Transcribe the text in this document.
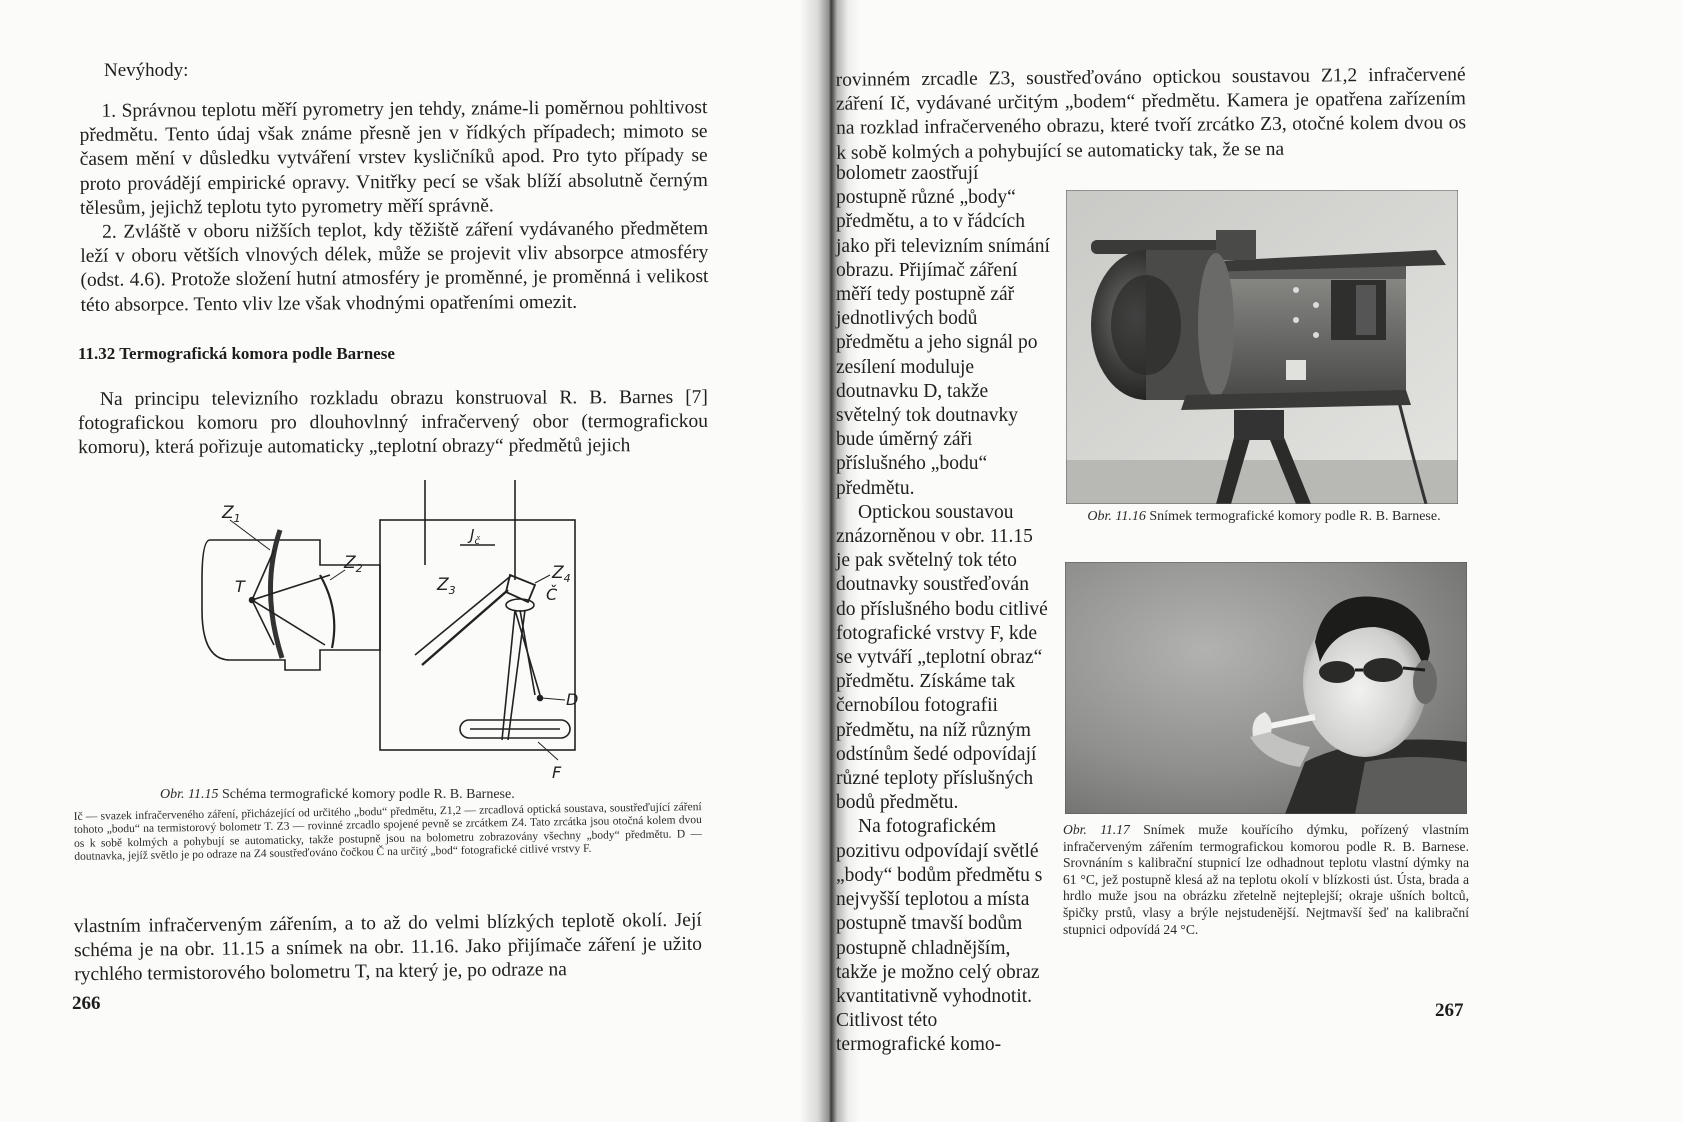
Nevýhody:

1. Správnou teplotu měří pyrometry jen tehdy, známe-li poměrnou pohltivost předmětu. Tento údaj však známe přesně jen v řídkých případech; mimoto se časem mění v důsledku vytváření vrstev kysličníků apod. Pro tyto případy se proto provádějí empirické opravy. Vnitřky pecí se však blíží absolutně černým tělesům, jejichž teplotu tyto pyrometry měří správně.

2. Zvláště v oboru nižších teplot, kdy těžiště záření vydávaného předmětem leží v oboru větších vlnových délek, může se projevit vliv absorpce atmosféry (odst. 4.6). Protože složení hutní atmosféry je proměnné, je proměnná i velikost této absorpce. Tento vliv lze však vhodnými opatřeními omezit.

11.32 Termografická komora podle Barnese

Na principu televizního rozkladu obrazu konstruoval R. B. Barnes [7] fotografickou komoru pro dlouhovlnný infračervený obor (termografickou komoru), která pořizuje automaticky „teplotní obrazy“ předmětů jejich

$Z_1$
$Z_2$
$Z_3$
$Z_4$
T	Č
D
F
$J_č$
Obr. 11.15 Schéma termografické komory podle R. B. Barnese.
Ič — svazek infračerveného záření, přicházející od určitého „bodu“ předmětu, Z1,2 — zrcadlová optická soustava, soustřeďující záření tohoto „bodu“ na termistorový bolometr T. Z3 — rovinné zrcadlo spojené pevně se zrcátkem Z4. Tato zrcátka jsou otočná kolem dvou os k sobě kolmých a pohybují se automaticky, takže postupně jsou na bolometru zobrazovány všechny „body“ předmětu. D — doutnavka, jejíž světlo je po odraze na Z4 soustřeďováno čočkou Č na určitý „bod“ fotografické citlivé vrstvy F.

vlastním infračerveným zářením, a to až do velmi blízkých teplotě okolí. Její schéma je na obr. 11.15 a snímek na obr. 11.16. Jako přijímače záření je užito rychlého termistorového bolometru T, na který je, po odraze na

266

rovinném zrcadle Z3, soustřeďováno optickou soustavou Z1,2 infračervené záření Ič, vydávané určitým „bodem“ předmětu. Kamera je opatřena zařízením na rozklad infračerveného obrazu, které tvoří zrcátko Z3, otočné kolem dvou os k sobě kolmých a pohybující se automaticky tak, že se na

bolometr zaostřují postupně různé „body“ předmětu, a to v řádcích jako při televizním snímání obrazu. Přijímač záření měří tedy postupně zář jednotlivých bodů předmětu a jeho signál po zesílení moduluje doutnavku D, takže světelný tok doutnavky bude úměrný záři příslušného „bodu“ předmětu.

Optickou soustavou znázorněnou v obr. 11.15 je pak světelný tok této doutnavky soustřeďován do příslušného bodu citlivé fotografické vrstvy F, kde se vytváří „teplotní obraz“ předmětu. Získáme tak černobílou fotografii předmětu, na níž různým odstínům šedé odpovídají různé teploty příslušných bodů předmětu.

Na fotografickém pozitivu odpovídají světlé „body“ bodům předmětu s nejvyšší teplotou a místa postupně tmavší bodům postupně chladnějším, takže je možno celý obraz kvantitativně vyhodnotit. Citlivost této termografické komo-

Obr. 11.16 Snímek termografické komory podle R. B. Barnese.
Obr. 11.17 Snímek muže kouřícího dýmku, pořízený vlastním infračerveným zářením termografickou komorou podle R. B. Barnese. Srovnáním s kalibrační stupnicí lze odhadnout teplotu vlastní dýmky na 61 °C, jež postupně klesá až na teplotu okolí v blízkosti úst. Ústa, brada a hrdlo muže jsou na obrázku zřetelně nejteplejší; okraje ušních boltců, špičky prstů, vlasy a brýle nejstudenější. Nejtmavší šeď na kalibrační stupnici odpovídá 24 °C.
267
